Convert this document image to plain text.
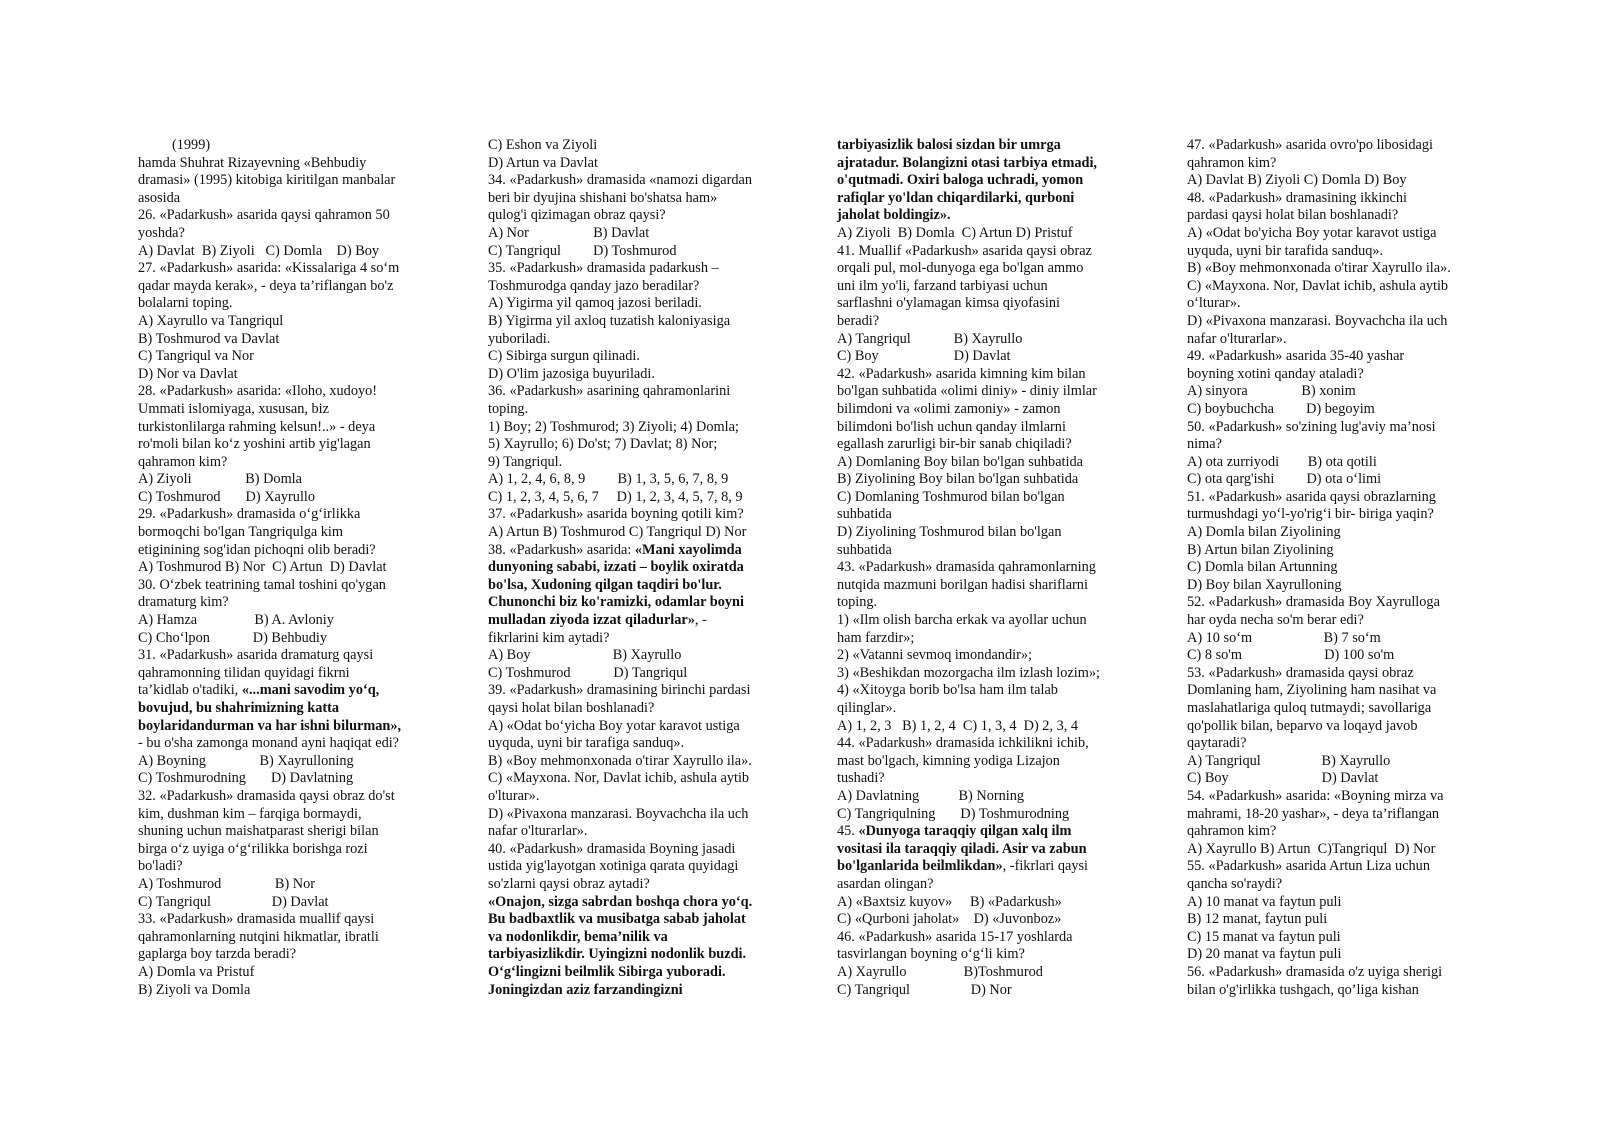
(1999)
hamda Shuhrat Rizayevning «Behbudiy
dramasi» (1995) kitobiga kiritilgan manbalar
asosida
26. «Padarkush» asarida qaysi qahramon 50
yoshda?
A) Davlat  B) Ziyoli   C) Domla    D) Boy
27. «Padarkush» asarida: «Kissalariga 4 so‘m
qadar mayda kerak», - deya ta’riflangan bo'z
bolalarni toping.
A) Xayrullo va Tangriqul
B) Toshmurod va Davlat
C) Tangriqul va Nor
D) Nor va Davlat
28. «Padarkush» asarida: «Iloho, xudoyo!
Ummati islomiyaga, xususan, biz
turkistonlilarga rahming kelsun!..» - deya
ro'moli bilan ko‘z yoshini artib yig'lagan
qahramon kim?
A) Ziyoli               B) Domla
C) Toshmurod       D) Xayrullo
29. «Padarkush» dramasida o‘g‘irlikka
bormoqchi bo'lgan Tangriqulga kim
etiginining sog'idan pichoqni olib beradi?
A) Toshmurod B) Nor  C) Artun  D) Davlat
30. O‘zbek teatrining tamal toshini qo'ygan
dramaturg kim?
A) Hamza                B) A. Avloniy
C) Cho‘lpon            D) Behbudiy
31. «Padarkush» asarida dramaturg qaysi
qahramonning tilidan quyidagi fikrni
ta’kidlab o'tadiki, «...mani savodim yo‘q,
bovujud, bu shahrimizning katta
boylaridandurman va har ishni bilurman»,
- bu o'sha zamonga monand ayni haqiqat edi?
A) Boyning               B) Xayrulloning
C) Toshmurodning       D) Davlatning
32. «Padarkush» dramasida qaysi obraz do'st
kim, dushman kim – farqiga bormaydi,
shuning uchun maishatparast sherigi bilan
birga o‘z uyiga o‘g‘rilikka borishga rozi
bo'ladi?
A) Toshmurod               B) Nor
C) Tangriqul                 D) Davlat
33. «Padarkush» dramasida muallif qaysi
qahramonlarning nutqini hikmatlar, ibratli
gaplarga boy tarzda beradi?
A) Domla va Pristuf
B) Ziyoli va Domla
C) Eshon va Ziyoli
D) Artun va Davlat
34. «Padarkush» dramasida «namozi digardan
beri bir dyujina shishani bo'shatsa ham»
qulog'i qizimagan obraz qaysi?
A) Nor                  B) Davlat
C) Tangriqul         D) Toshmurod
35. «Padarkush» dramasida padarkush –
Toshmurodga qanday jazo beradilar?
A) Yigirma yil qamoq jazosi beriladi.
B) Yigirma yil axloq tuzatish kaloniyasiga
yuboriladi.
C) Sibirga surgun qilinadi.
D) O'lim jazosiga buyuriladi.
36. «Padarkush» asarining qahramonlarini
toping.
1) Boy; 2) Toshmurod; 3) Ziyoli; 4) Domla;
5) Xayrullo; 6) Do'st; 7) Davlat; 8) Nor;
9) Tangriqul.
A) 1, 2, 4, 6, 8, 9         B) 1, 3, 5, 6, 7, 8, 9
C) 1, 2, 3, 4, 5, 6, 7     D) 1, 2, 3, 4, 5, 7, 8, 9
37. «Padarkush» asarida boyning qotili kim?
A) Artun B) Toshmurod C) Tangriqul D) Nor
38. «Padarkush» asarida: «Mani xayolimda
dunyoning sababi, izzati – boylik oxiratda
bo'lsa, Xudoning qilgan taqdiri bo'lur.
Chunonchi biz ko'ramizki, odamlar boyni
mulladan ziyoda izzat qiladurlar», -
fikrlarini kim aytadi?
A) Boy                       B) Xayrullo
C) Toshmurod            D) Tangriqul
39. «Padarkush» dramasining birinchi pardasi
qaysi holat bilan boshlanadi?
A) «Odat bo‘yicha Boy yotar karavot ustiga
uyquda, uyni bir tarafiga sanduq».
B) «Boy mehmonxonada o'tirar Xayrullo ila».
C) «Mayxona. Nor, Davlat ichib, ashula aytib
o'lturar».
D) «Pivaxona manzarasi. Boyvachcha ila uch
nafar o'lturarlar».
40. «Padarkush» dramasida Boyning jasadi
ustida yig'layotgan xotiniga qarata quyidagi
so'zlarni qaysi obraz aytadi?
«Onajon, sizga sabrdan boshqa chora yo‘q.
Bu badbaxtlik va musibatga sabab jaholat
va nodonlikdir, bema’nilik va
tarbiyasizlikdir. Uyingizni nodonlik buzdi.
O‘g‘lingizni beilmlik Sibirga yuboradi.
Joningizdan aziz farzandingizni
tarbiyasizlik balosi sizdan bir umrga
ajratadur. Bolangizni otasi tarbiya etmadi,
o'qutmadi. Oxiri baloga uchradi, yomon
rafiqlar yo'ldan chiqardilarki, qurboni
jaholat boldingiz».
A) Ziyoli  B) Domla  C) Artun D) Pristuf
41. Muallif «Padarkush» asarida qaysi obraz
orqali pul, mol-dunyoga ega bo'lgan ammo
uni ilm yo'li, farzand tarbiyasi uchun
sarflashni o'ylamagan kimsa qiyofasini
beradi?
A) Tangriqul            B) Xayrullo
C) Boy                     D) Davlat
42. «Padarkush» asarida kimning kim bilan
bo'lgan suhbatida «olimi diniy» - diniy ilmlar
bilimdoni va «olimi zamoniy» - zamon
bilimdoni bo'lish uchun qanday ilmlarni
egallash zarurligi bir-bir sanab chiqiladi?
A) Domlaning Boy bilan bo'lgan suhbatida
B) Ziyolining Boy bilan bo'lgan suhbatida
C) Domlaning Toshmurod bilan bo'lgan
suhbatida
D) Ziyolining Toshmurod bilan bo'lgan
suhbatida
43. «Padarkush» dramasida qahramonlarning
nutqida mazmuni borilgan hadisi shariflarni
toping.
1) «Ilm olish barcha erkak va ayollar uchun
ham farzdir»;
2) «Vatanni sevmoq imondandir»;
3) «Beshikdan mozorgacha ilm izlash lozim»;
4) «Xitoyga borib bo'lsa ham ilm talab
qilinglar».
A) 1, 2, 3   B) 1, 2, 4  C) 1, 3, 4  D) 2, 3, 4
44. «Padarkush» dramasida ichkilikni ichib,
mast bo'lgach, kimning yodiga Lizajon
tushadi?
A) Davlatning           B) Norning
C) Tangriqulning       D) Toshmurodning
45. «Dunyoga taraqqiy qilgan xalq ilm
vositasi ila taraqqiy qiladi. Asir va zabun
bo'lganlarida beilmlikdan», -fikrlari qaysi
asardan olingan?
A) «Baxtsiz kuyov»     B) «Padarkush»
C) «Qurboni jaholat»    D) «Juvonboz»
46. «Padarkush» asarida 15-17 yoshlarda
tasvirlangan boyning o‘g‘li kim?
A) Xayrullo                B)Toshmurod
C) Tangriqul                 D) Nor
47. «Padarkush» asarida ovro'po libosidagi
qahramon kim?
A) Davlat B) Ziyoli C) Domla D) Boy
48. «Padarkush» dramasining ikkinchi
pardasi qaysi holat bilan boshlanadi?
A) «Odat bo'yicha Boy yotar karavot ustiga
uyquda, uyni bir tarafida sanduq».
B) «Boy mehmonxonada o'tirar Xayrullo ila».
C) «Mayxona. Nor, Davlat ichib, ashula aytib
o‘lturar».
D) «Pivaxona manzarasi. Boyvachcha ila uch
nafar o'lturarlar».
49. «Padarkush» asarida 35-40 yashar
boyning xotini qanday ataladi?
A) sinyora               B) xonim
C) boybuchcha         D) begoyim
50. «Padarkush» so'zining lug'aviy ma’nosi
nima?
A) ota zurriyodi        B) ota qotili
C) ota qarg'ishi         D) ota o‘limi
51. «Padarkush» asarida qaysi obrazlarning
turmushdagi yo‘l-yo'rig‘i bir- biriga yaqin?
A) Domla bilan Ziyolining
B) Artun bilan Ziyolining
C) Domla bilan Artunning
D) Boy bilan Xayrulloning
52. «Padarkush» dramasida Boy Xayrulloga
har oyda necha so'm berar edi?
A) 10 so‘m                    B) 7 so‘m
C) 8 so'm                       D) 100 so'm
53. «Padarkush» dramasida qaysi obraz
Domlaning ham, Ziyolining ham nasihat va
maslahatlariga quloq tutmaydi; savollariga
qo'pollik bilan, beparvo va loqayd javob
qaytaradi?
A) Tangriqul                 B) Xayrullo
C) Boy                          D) Davlat
54. «Padarkush» asarida: «Boyning mirza va
mahrami, 18-20 yashar», - deya ta’riflangan
qahramon kim?
A) Xayrullo B) Artun  C)Tangriqul  D) Nor
55. «Padarkush» asarida Artun Liza uchun
qancha so'raydi?
A) 10 manat va faytun puli
B) 12 manat, faytun puli
C) 15 manat va faytun puli
D) 20 manat va faytun puli
56. «Padarkush» dramasida o'z uyiga sherigi
bilan o'g'irlikka tushgach, qo’liga kishan
